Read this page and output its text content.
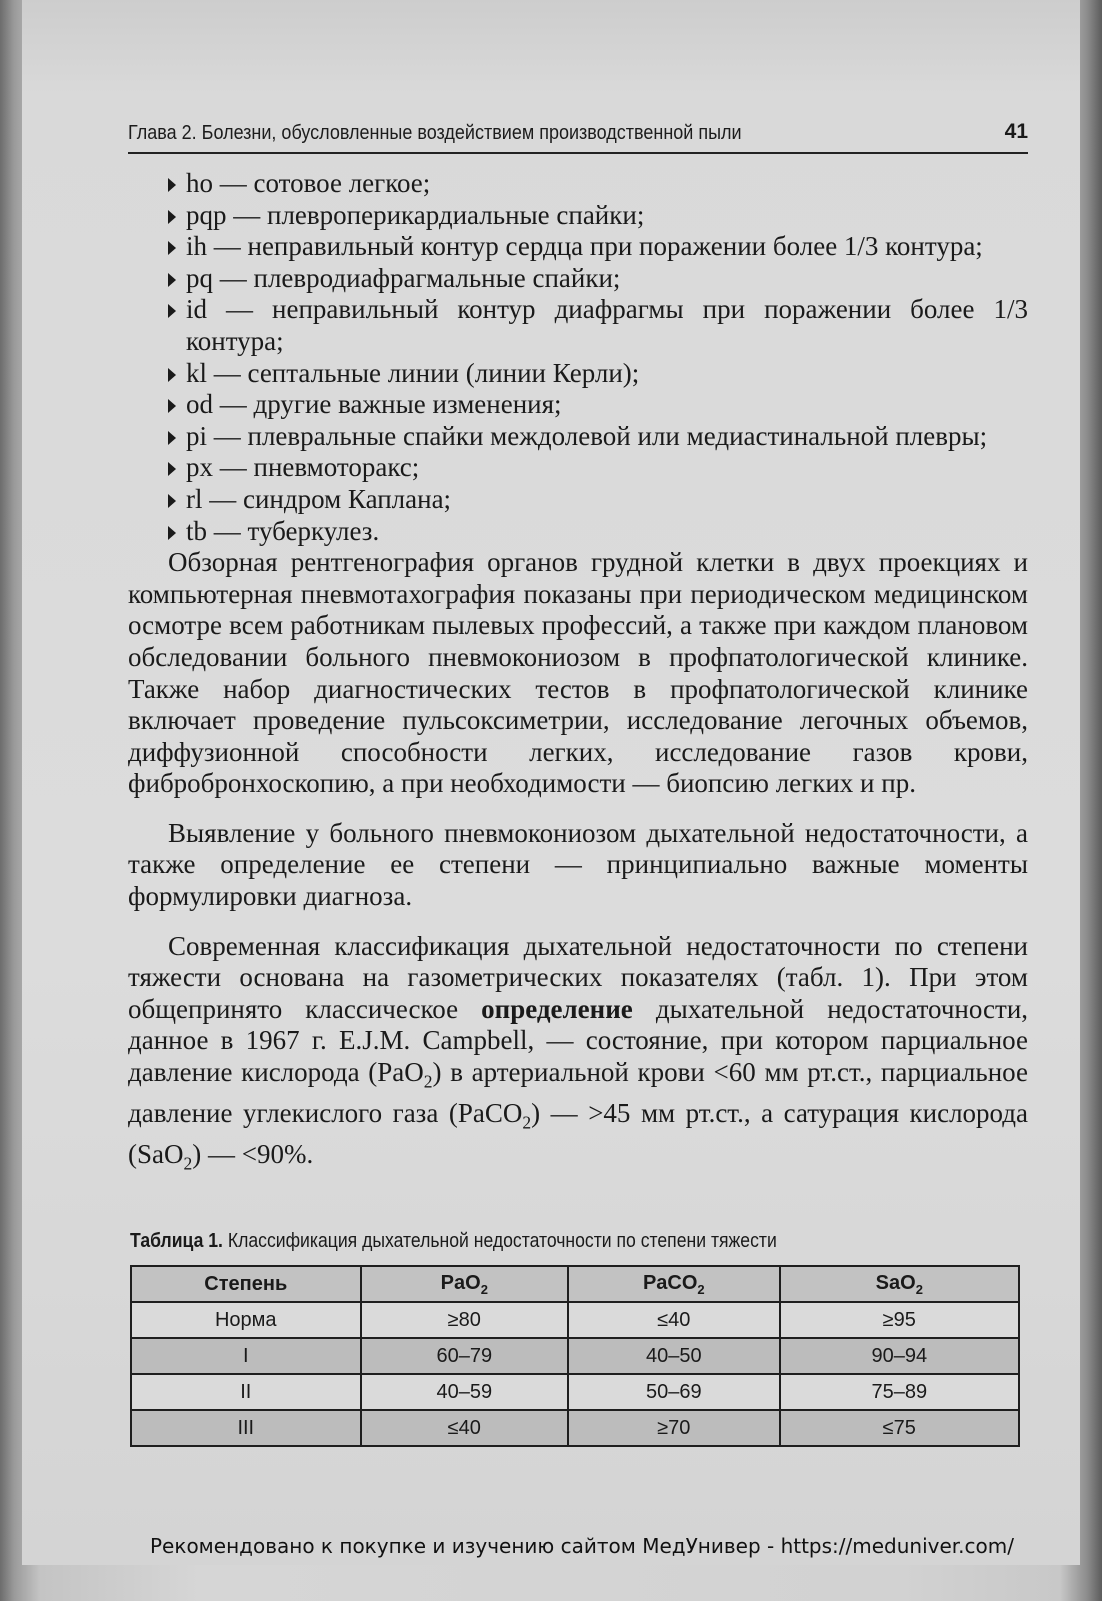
Глава 2. Болезни, обусловленные воздействием производственной пыли	41
ho — сотовое легкое;
pqp — плевроперикардиальные спайки;
ih — неправильный контур сердца при поражении более 1/3 контура;
pq — плевродиафрагмальные спайки;
id — неправильный контур диафрагмы при поражении более 1/3 контура;
kl — септальные линии (линии Керли);
od — другие важные изменения;
pi — плевральные спайки междолевой или медиастинальной плевры;
px — пневмоторакс;
rl — синдром Каплана;
tb — туберкулез.

Обзорная рентгенография органов грудной клетки в двух проекциях и компьютерная пневмотахография показаны при периодическом медицинском осмотре всем работникам пылевых профессий, а также при каждом плановом обследовании больного пневмокониозом в профпатологической клинике. Также набор диагностических тестов в профпатологической клинике включает проведение пульсоксиметрии, исследование легочных объемов, диффузионной способности легких, исследование газов крови, фибробронхоскопию, а при необходимости — биопсию легких и пр.

Выявление у больного пневмокониозом дыхательной недостаточности, а также определение ее степени — принципиально важные моменты формулировки диагноза.

Современная классификация дыхательной недостаточности по степени тяжести основана на газометрических показателях (табл. 1). При этом общепринято классическое определение дыхательной недостаточности, данное в 1967 г. E.J.M. Campbell, — состояние, при котором парциальное давление кислорода (PaO$_2$) в артериальной крови <60 мм рт.ст., парциальное давление углекислого газа (PaCO$_2$) — >45 мм рт.ст., а сатурация кислорода (SaO$_2$) — <90%.

Таблица 1. Классификация дыхательной недостаточности по степени тяжести
Степень	PaO$_2$	PaCO$_2$	SaO$_2$
Норма	≥80	≤40	≥95
I	60–79	40–50	90–94
II	40–59	50–69	75–89
III	≤40	≥70	≤75
Рекомендовано к покупке и изучению сайтом МедУнивер - https://meduniver.com/
